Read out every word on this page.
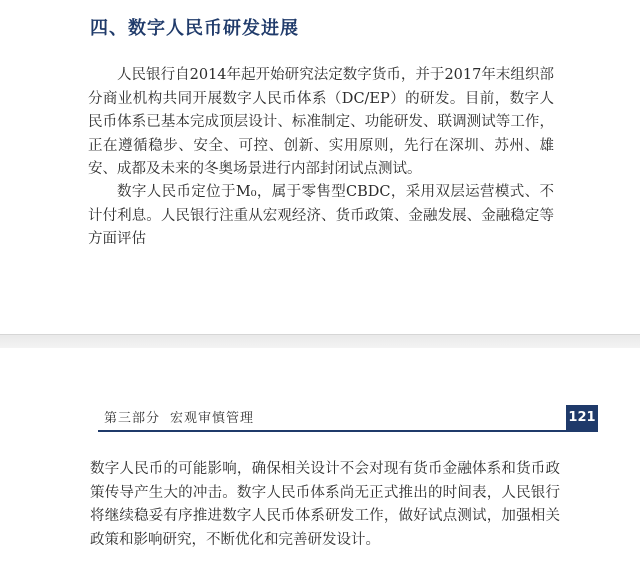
四、数字人民币研发进展

人民银行自2014年起开始研究法定数字货币，并于2017年末组织部分商业机构共同开展数字人民币体系（DC/EP）的研发。目前，数字人民币体系已基本完成顶层设计、标准制定、功能研发、联调测试等工作，正在遵循稳步、安全、可控、创新、实用原则，先行在深圳、苏州、雄安、成都及未来的冬奥场景进行内部封闭试点测试。

数字人民币定位于M₀，属于零售型CBDC，采用双层运营模式、不计付利息。人民银行注重从宏观经济、货币政策、金融发展、金融稳定等方面评估

第三部分 宏观审慎管理	121

数字人民币的可能影响，确保相关设计不会对现有货币金融体系和货币政策传导产生大的冲击。数字人民币体系尚无正式推出的时间表，人民银行将继续稳妥有序推进数字人民币体系研发工作，做好试点测试，加强相关政策和影响研究，不断优化和完善研发设计。
